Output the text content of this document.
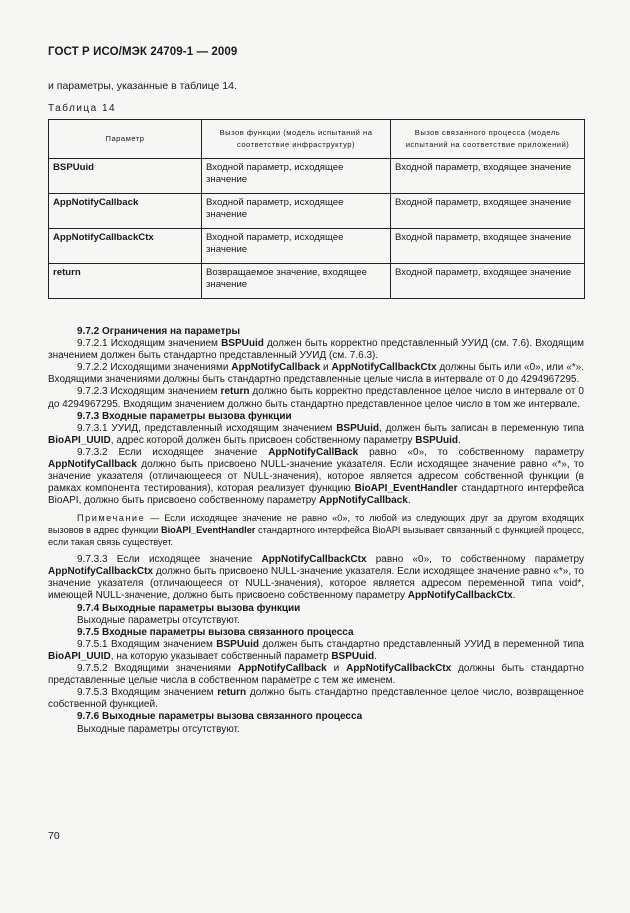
ГОСТ Р ИСО/МЭК 24709-1 — 2009
и параметры, указанные в таблице 14.
Таблица 14
Параметр	Вызов функции (модель испытаний на соответствие инфраструктур)	Вызов связанного процесса (модель испытаний на соответствие приложений)
BSPUuid	Входной параметр, исходящее значение	Входной параметр, входящее значение
AppNotifyCallback	Входной параметр, исходящее значение	Входной параметр, входящее значение
AppNotifyCallbackCtx	Входной параметр, исходящее значение	Входной параметр, входящее значение
return	Возвращаемое значение, входящее значение	Входной параметр, входящее значение

9.7.2 Ограничения на параметры

9.7.2.1 Исходящим значением BSPUuid должен быть корректно представленный УУИД (см. 7.6). Входящим значением должен быть стандартно представленный УУИД (см. 7.6.3).

9.7.2.2 Исходящими значениями AppNotifyCallback и AppNotifyCallbackCtx должны быть или «0», или «*». Входящими значениями должны быть стандартно представленные целые числа в интервале от 0 до 4294967295.

9.7.2.3 Исходящим значением return должно быть корректно представленное целое число в интервале от 0 до 4294967295. Входящим значением должно быть стандартно представленное целое число в том же интервале.

9.7.3 Входные параметры вызова функции

9.7.3.1 УУИД, представленный исходящим значением BSPUuid, должен быть записан в переменную типа BioAPI_UUID, адрес которой должен быть присвоен собственному параметру BSPUuid.

9.7.3.2 Если исходящее значение AppNotifyCallBack равно «0», то собственному параметру AppNotifyCallback должно быть присвоено NULL-значение указателя. Если исходящее значение равно «*», то значение указателя (отличающееся от NULL-значения), которое является адресом собственной функции (в рамках компонента тестирования), которая реализует функцию BioAPI_EventHandler стандартного интерфейса BioAPI, должно быть присвоено собственному параметру AppNotifyCallback.

Примечание — Если исходящее значение не равно «0», то любой из следующих друг за другом входящих вызовов в адрес функции BioAPI_EventHandler стандартного интерфейса BioAPI вызывает связанный с функцией процесс, если такая связь существует.

9.7.3.3 Если исходящее значение AppNotifyCallbackCtx равно «0», то собственному параметру AppNotifyCallbackCtx должно быть присвоено NULL-значение указателя. Если исходящее значение равно «*», то значение указателя (отличающееся от NULL-значения), которое является адресом переменной типа void*, имеющей NULL-значение, должно быть присвоено собственному параметру AppNotifyCallbackCtx.

9.7.4 Выходные параметры вызова функции

Выходные параметры отсутствуют.

9.7.5 Входные параметры вызова связанного процесса

9.7.5.1 Входящим значением BSPUuid должен быть стандартно представленный УУИД в переменной типа BioAPI_UUID, на которую указывает собственный параметр BSPUuid.

9.7.5.2 Входящими значениями AppNotifyCallback и AppNotifyCallbackCtx должны быть стандартно представленные целые числа в собственном параметре с тем же именем.

9.7.5.3 Входящим значением return должно быть стандартно представленное целое число, возвращенное собственной функцией.

9.7.6 Выходные параметры вызова связанного процесса

Выходные параметры отсутствуют.

70
